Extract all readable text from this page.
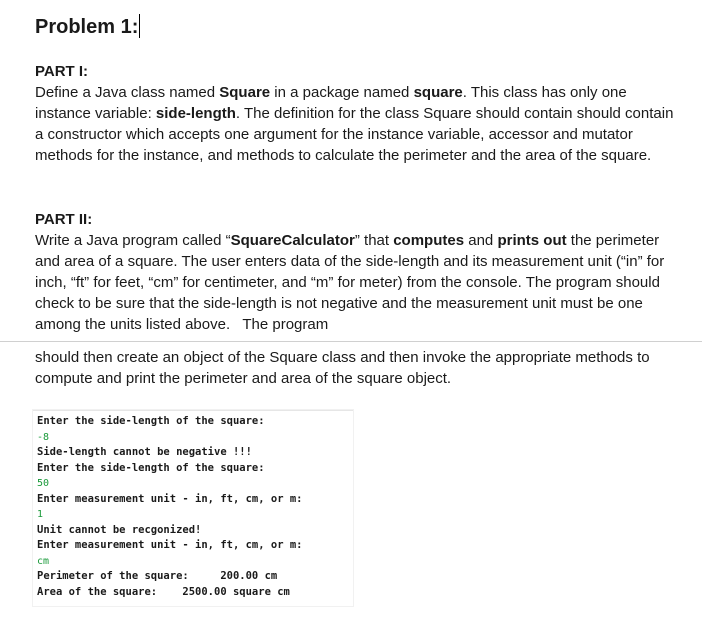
Problem 1:
PART I:

Define a Java class named Square in a package named square. This class has only one instance variable: side-length. The definition for the class Square should contain should contain a constructor which accepts one argument for the instance variable, accessor and mutator methods for the instance, and methods to calculate the perimeter and the area of the square.

PART II:

Write a Java program called “SquareCalculator” that computes and prints out the perimeter and area of a square. The user enters data of the side-length and its measurement unit (“in” for inch, “ft” for feet, “cm” for centimeter, and “m” for meter) from the console. The program should check to be sure that the side-length is not negative and the measurement unit must be one among the units listed above.   The program

should then create an object of the Square class and then invoke the appropriate methods to compute and print the perimeter and area of the square object.

Enter the side-length of the square:
-8
Side-length cannot be negative !!!
Enter the side-length of the square:
50
Enter measurement unit - in, ft, cm, or m:
1
Unit cannot be recgonized!
Enter measurement unit - in, ft, cm, or m:
cm
Perimeter of the square:     200.00 cm
Area of the square:    2500.00 square cm
